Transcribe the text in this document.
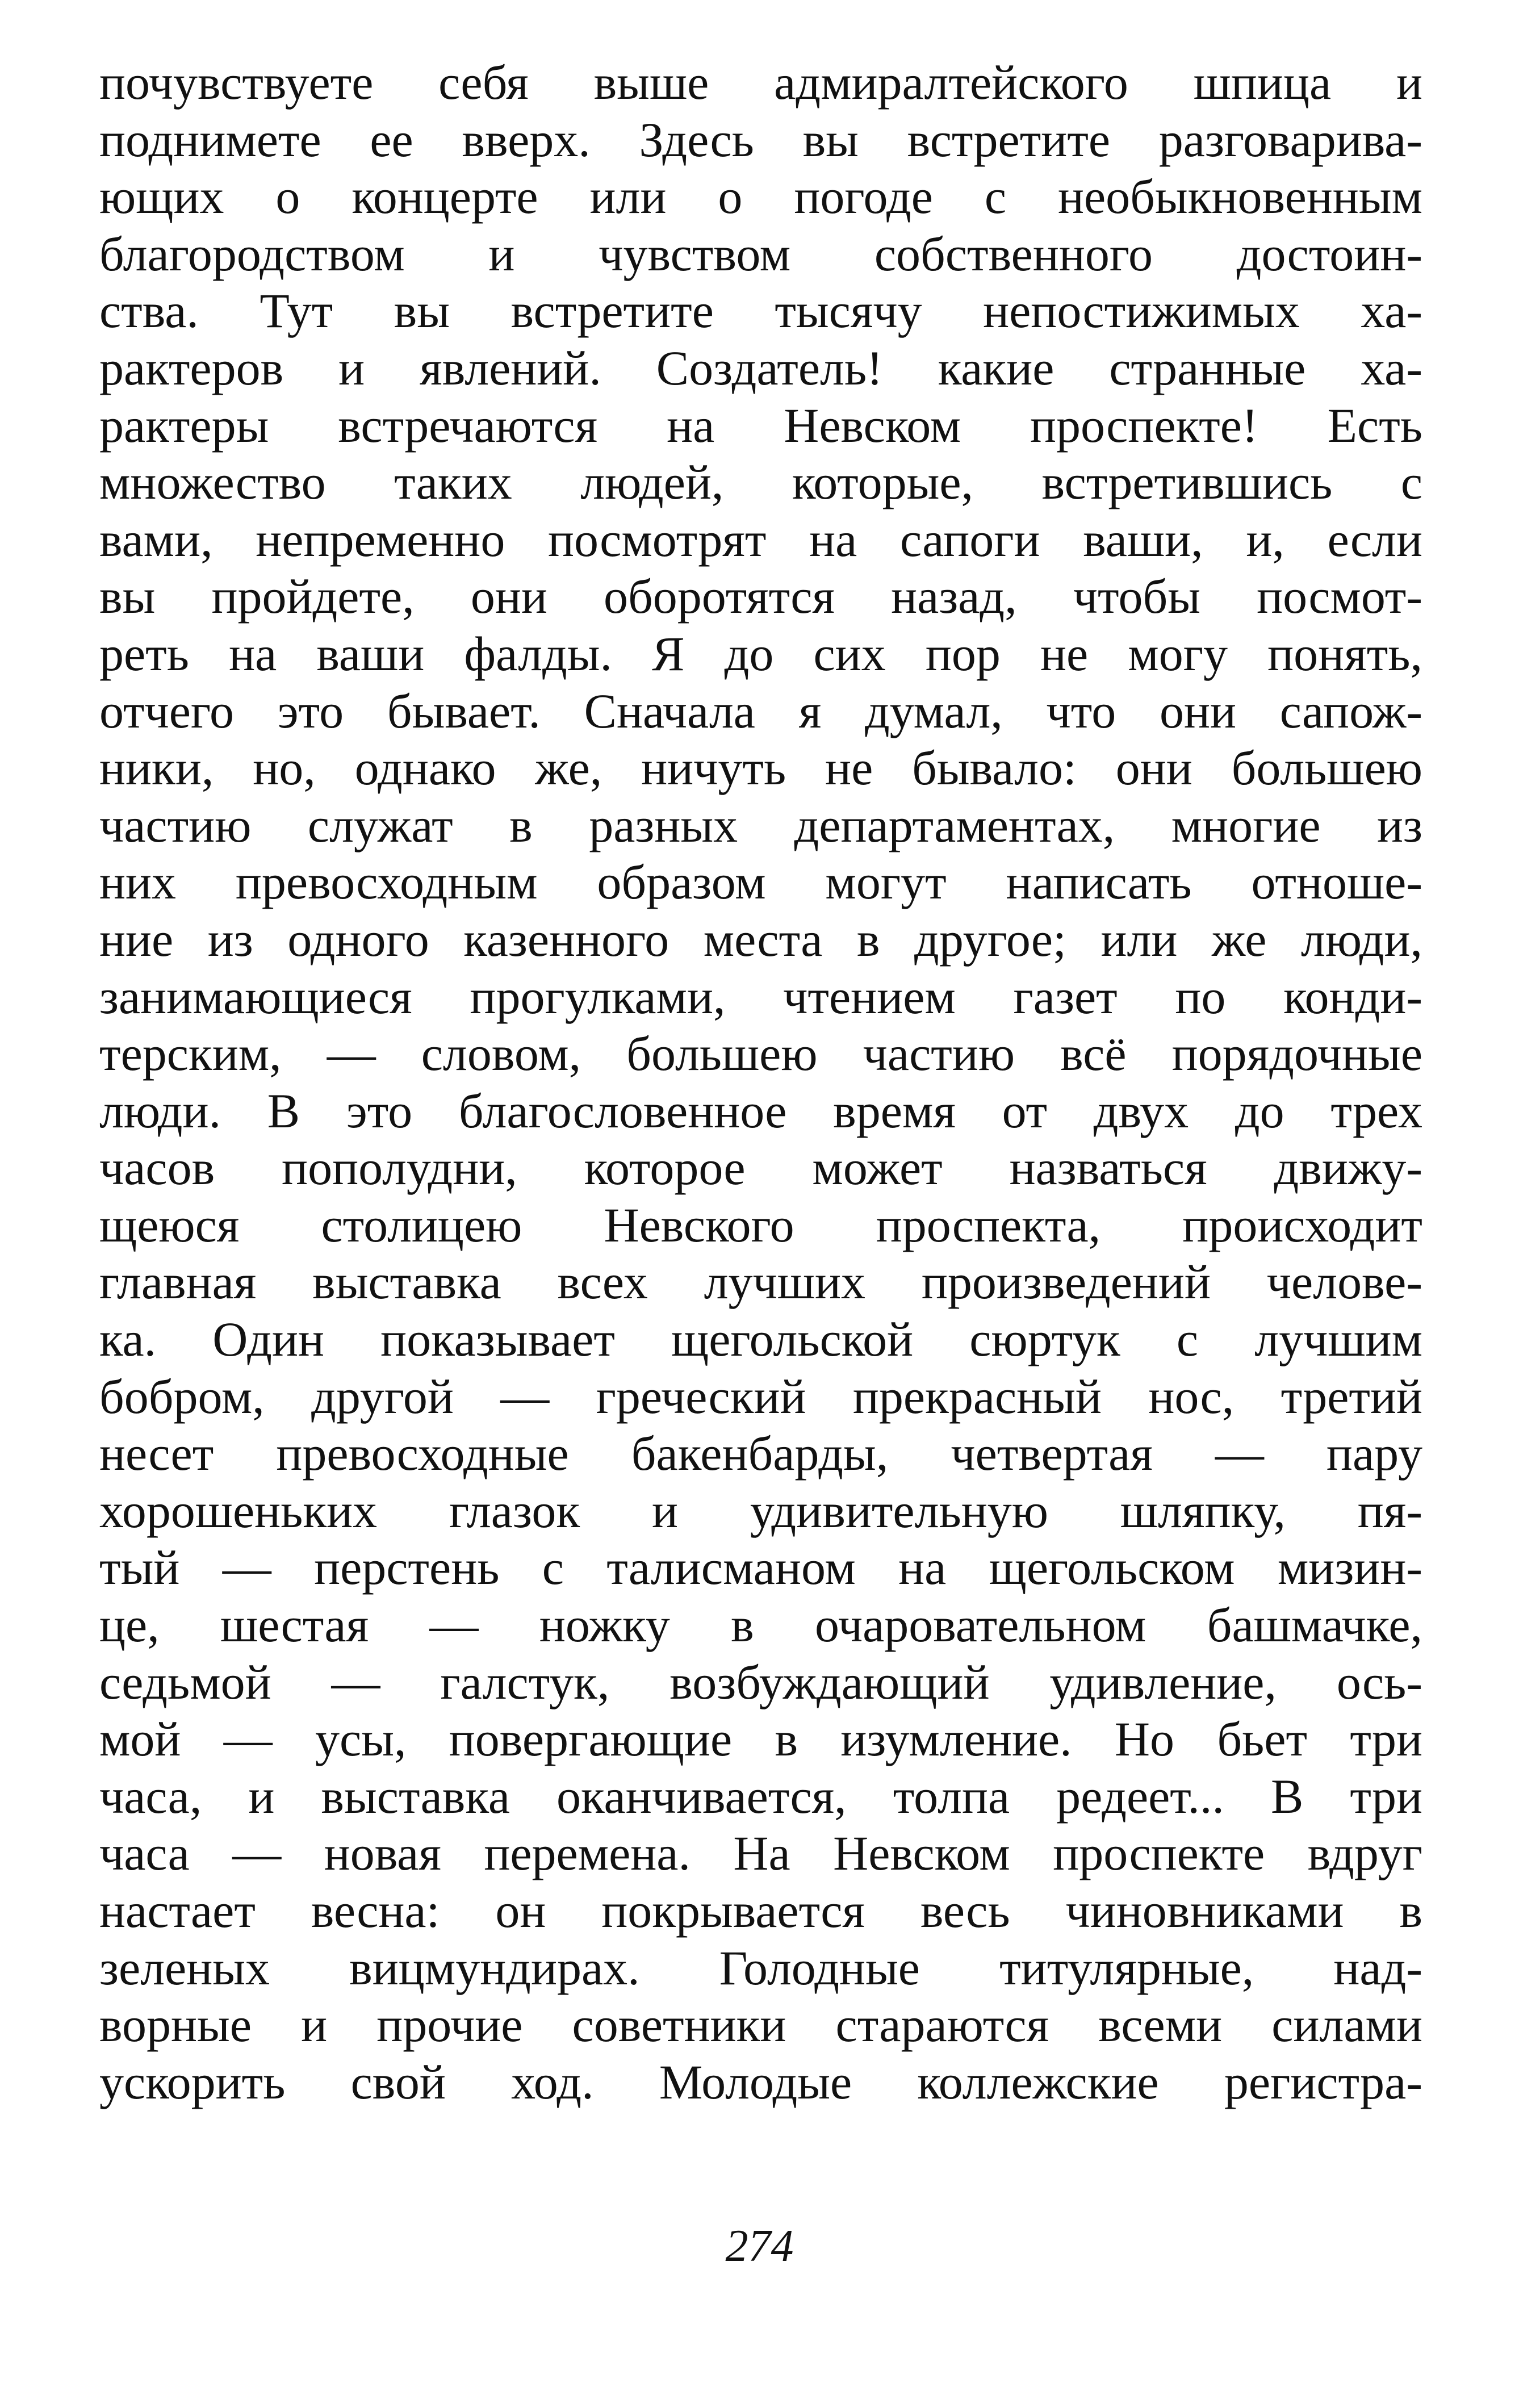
почувствуете себя выше адмиралтейского шпица и
поднимете ее вверх. Здесь вы встретите разговарива-
ющих о концерте или о погоде с необыкновенным
благородством и чувством собственного достоин-
ства. Тут вы встретите тысячу непостижимых ха-
рактеров и явлений. Создатель! какие странные ха-
рактеры встречаются на Невском проспекте! Есть
множество таких людей, которые, встретившись с
вами, непременно посмотрят на сапоги ваши, и, если
вы пройдете, они оборотятся назад, чтобы посмот-
реть на ваши фалды. Я до сих пор не могу понять,
отчего это бывает. Сначала я думал, что они сапож-
ники, но, однако же, ничуть не бывало: они большею
частию служат в разных департаментах, многие из
них превосходным образом могут написать отноше-
ние из одного казенного места в другое; или же люди,
занимающиеся прогулками, чтением газет по конди-
терским, — словом, большею частию всё порядочные
люди. В это благословенное время от двух до трех
часов пополудни, которое может назваться движу-
щеюся столицею Невского проспекта, происходит
главная выставка всех лучших произведений челове-
ка. Один показывает щегольской сюртук с лучшим
бобром, другой — греческий прекрасный нос, третий
несет превосходные бакенбарды, четвертая — пару
хорошеньких глазок и удивительную шляпку, пя-
тый — перстень с талисманом на щегольском мизин-
це, шестая — ножку в очаровательном башмачке,
седьмой — галстук, возбуждающий удивление, ось-
мой — усы, повергающие в изумление. Но бьет три
часа, и выставка оканчивается, толпа редеет... В три
часа — новая перемена. На Невском проспекте вдруг
настает весна: он покрывается весь чиновниками в
зеленых вицмундирах. Голодные титулярные, над-
ворные и прочие советники стараются всеми силами
ускорить свой ход. Молодые коллежские регистра-
274
